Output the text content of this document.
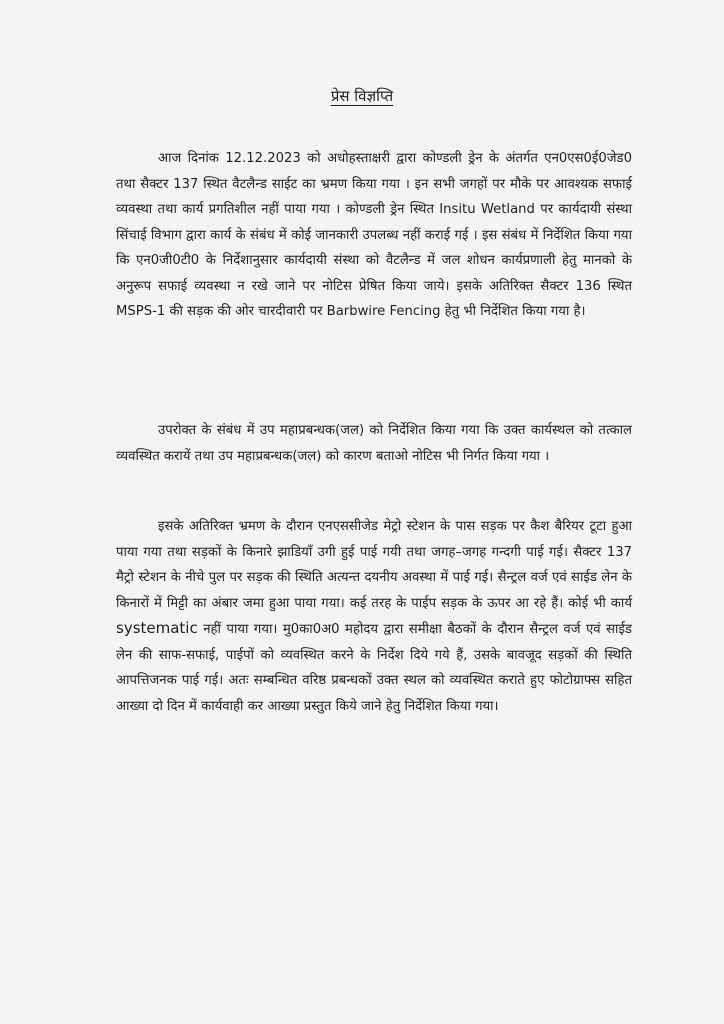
प्रेस विज्ञप्ति

आज दिनांक 12.12.2023 को अधोहस्ताक्षरी द्वारा कोण्डली ड्रेन के अंतर्गत एन0एस0ई0जेड0 तथा सैक्टर 137 स्थित वैटलैन्ड साईट का भ्रमण किया गया । इन सभी जगहों पर मौके पर आवश्यक सफाई व्यवस्था तथा कार्य प्रगतिशील नहीं पाया गया । कोण्डली ड्रेन स्थित Insitu Wetland पर कार्यदायी संस्था सिंचाई विभाग द्वारा कार्य के संबंध में कोई जानकारी उपलब्ध नहीं कराई गई । इस संबंध में निर्देशित किया गया कि एन0जी0टी0 के निर्देशानुसार कार्यदायी संस्था को वैटलैन्ड में जल शोधन कार्यप्रणाली हेतु मानको के अनुरूप सफाई व्यवस्था न रखे जाने पर नोटिस प्रेषित किया जाये। इसके अतिरिक्त सैक्टर 136 स्थित MSPS-1 की सड़क की ओर चारदीवारी पर Barbwire Fencing हेतु भी निर्देशित किया गया है।

उपरोक्त के संबंध में उप महाप्रबन्धक(जल) को निर्देशित किया गया कि उक्त कार्यस्थल को तत्काल व्यवस्थित करायें तथा उप महाप्रबन्धक(जल) को कारण बताओ नोटिस भी निर्गत किया गया ।

इसके अतिरिक्त भ्रमण के दौरान एनएससीजेड मेट्रो स्टेशन के पास सड़क पर कैश बैरियर टूटा हुआ पाया गया तथा सड़कों के किनारे झाडियाँ उगी हुई पाई गयी तथा जगह–जगह गन्दगी पाई गई। सैक्टर 137 मैट्रो स्टेशन के नीचे पुल पर सड़क की स्थिति अत्यन्त दयनीय अवस्था में पाई गई। सैन्ट्रल वर्ज एवं साईड लेन के किनारों में मिट्टी का अंबार जमा हुआ पाया गया। कई तरह के पाईप सड़क के ऊपर आ रहे हैं। कोई भी कार्य systematic नहीं पाया गया। मु0का0अ0 महोदय द्वारा समीक्षा बैठकों के दौरान सैन्ट्रल वर्ज एवं साईड लेन की साफ-सफाई, पाईपों को व्यवस्थित करने के निर्देश दिये गये हैं, उसके बावजूद सड़कों की स्थिति आपत्तिजनक पाई गई। अतः सम्बन्धित वरिष्ठ प्रबन्धकों उक्त स्थल को व्यवस्थित कराते हुए फोटोग्राफ्स सहित आख्या दो दिन में कार्यवाही कर आख्या प्रस्तुत किये जाने हेतु निर्देशित किया गया।
